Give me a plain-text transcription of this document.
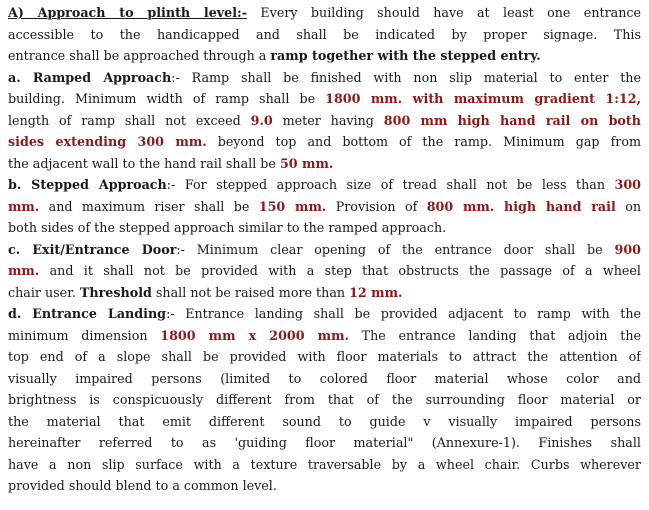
A) Approach to plinth level:- Every building should have at least one entrance
accessible to the handicapped and shall be indicated by proper signage. This
entrance shall be approached through a ramp together with the stepped entry.
a. Ramped Approach:- Ramp shall be finished with non slip material to enter the
building. Minimum width of ramp shall be 1800 mm. with maximum gradient 1:12,
length of ramp shall not exceed 9.0 meter having 800 mm high hand rail on both
sides extending 300 mm. beyond top and bottom of the ramp. Minimum gap from
the adjacent wall to the hand rail shall be 50 mm.
b. Stepped Approach:- For stepped approach size of tread shall not be less than 300
mm. and maximum riser shall be 150 mm. Provision of 800 mm. high hand rail on
both sides of the stepped approach similar to the ramped approach.
c. Exit/Entrance Door:- Minimum clear opening of the entrance door shall be 900
mm. and it shall not be provided with a step that obstructs the passage of a wheel
chair user. Threshold shall not be raised more than 12 mm.
d. Entrance Landing:- Entrance landing shall be provided adjacent to ramp with the
minimum dimension 1800 mm x 2000 mm. The entrance landing that adjoin the
top end of a slope shall be provided with floor materials to attract the attention of
visually impaired persons (limited to colored floor material whose color and
brightness is conspicuously different from that of the surrounding floor material or
the material that emit different sound to guide v visually impaired persons
hereinafter referred to as 'guiding floor material" (Annexure-1). Finishes shall
have a non slip surface with a texture traversable by a wheel chair. Curbs wherever
provided should blend to a common level.
